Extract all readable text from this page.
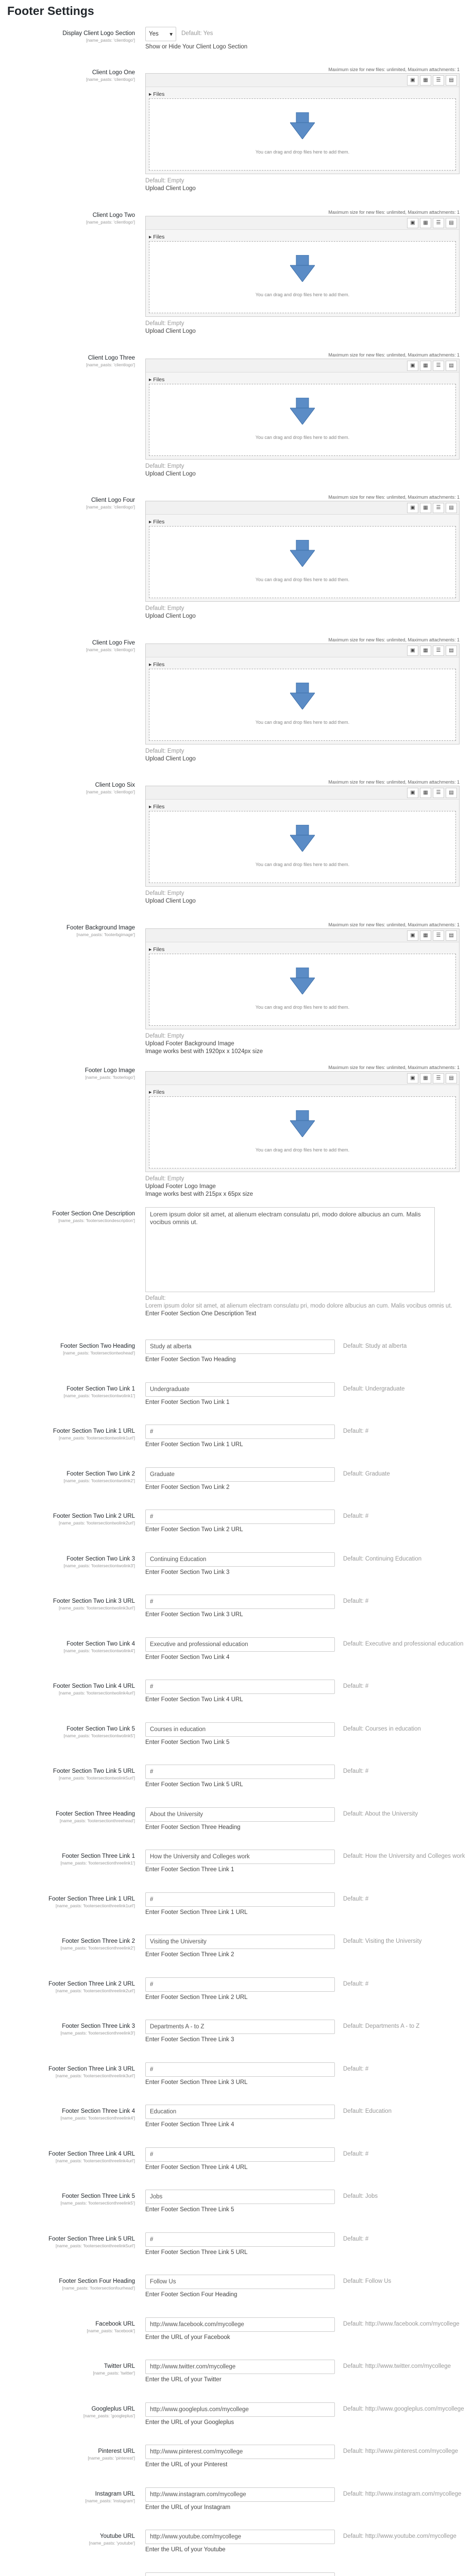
Footer Settings
Display Client Logo Section
[name_pasts: 'clientlogo']
Yes ▾ Default: Yes
Show or Hide Your Client Logo Section
Client Logo One
[name_pasts: 'clientlogo']
Maximum size for new files: unlimited, Maximum attachments: 1
▣	▦	☰	▤
▸ Files
You can drag and drop files here to add them.
Default: Empty
Upload Client Logo
Client Logo Two
[name_pasts: 'clientlogo']
Maximum size for new files: unlimited, Maximum attachments: 1
▣	▦	☰	▤
▸ Files
You can drag and drop files here to add them.
Default: Empty
Upload Client Logo
Client Logo Three
[name_pasts: 'clientlogo']
Maximum size for new files: unlimited, Maximum attachments: 1
▣	▦	☰	▤
▸ Files
You can drag and drop files here to add them.
Default: Empty
Upload Client Logo
Client Logo Four
[name_pasts: 'clientlogo']
Maximum size for new files: unlimited, Maximum attachments: 1
▣	▦	☰	▤
▸ Files
You can drag and drop files here to add them.
Default: Empty
Upload Client Logo
Client Logo Five
[name_pasts: 'clientlogo']
Maximum size for new files: unlimited, Maximum attachments: 1
▣	▦	☰	▤
▸ Files
You can drag and drop files here to add them.
Default: Empty
Upload Client Logo
Client Logo Six
[name_pasts: 'clientlogo']
Maximum size for new files: unlimited, Maximum attachments: 1
▣	▦	☰	▤
▸ Files
You can drag and drop files here to add them.
Default: Empty
Upload Client Logo
Footer Background Image
[name_pasts: 'footerbgimage']
Maximum size for new files: unlimited, Maximum attachments: 1
▣	▦	☰	▤
▸ Files
You can drag and drop files here to add them.
Default: Empty
Upload Footer Background Image
Image works best with 1920px x 1024px size
Footer Logo Image
[name_pasts: 'footerlogo']
Maximum size for new files: unlimited, Maximum attachments: 1
▣	▦	☰	▤
▸ Files
You can drag and drop files here to add them.
Default: Empty
Upload Footer Logo Image
Image works best with 215px x 65px size
Footer Section One Description
[name_pasts: 'footersectiondescription']
Lorem ipsum dolor sit amet, at alienum electram consulatu pri, modo dolore albucius an cum. Malis vocibus omnis ut.
Default:
Lorem ipsum dolor sit amet, at alienum electram consulatu pri, modo dolore albucius an cum. Malis vocibus omnis ut.
Enter Footer Section One Description Text
Footer Section Two Heading
[name_pasts: 'footersectiontwohead']
Study at alberta	Default: Study at alberta
Enter Footer Section Two Heading
Footer Section Two Link 1
[name_pasts: 'footersectiontwolink1']
Undergraduate	Default: Undergraduate
Enter Footer Section Two Link 1
Footer Section Two Link 1 URL
[name_pasts: 'footersectiontwolink1url']
#	Default: #
Enter Footer Section Two Link 1 URL
Footer Section Two Link 2
[name_pasts: 'footersectiontwolink2']
Graduate	Default: Graduate
Enter Footer Section Two Link 2
Footer Section Two Link 2 URL
[name_pasts: 'footersectiontwolink2url']
#	Default: #
Enter Footer Section Two Link 2 URL
Footer Section Two Link 3
[name_pasts: 'footersectiontwolink3']
Continuing Education	Default: Continuing Education
Enter Footer Section Two Link 3
Footer Section Two Link 3 URL
[name_pasts: 'footersectiontwolink3url']
#	Default: #
Enter Footer Section Two Link 3 URL
Footer Section Two Link 4
[name_pasts: 'footersectiontwolink4']
Executive and professional education	Default: Executive and professional education
Enter Footer Section Two Link 4
Footer Section Two Link 4 URL
[name_pasts: 'footersectiontwolink4url']
#	Default: #
Enter Footer Section Two Link 4 URL
Footer Section Two Link 5
[name_pasts: 'footersectiontwolink5']
Courses in education	Default: Courses in education
Enter Footer Section Two Link 5
Footer Section Two Link 5 URL
[name_pasts: 'footersectiontwolink5url']
#	Default: #
Enter Footer Section Two Link 5 URL
Footer Section Three Heading
[name_pasts: 'footersectionthreehead']
About the University	Default: About the University
Enter Footer Section Three Heading
Footer Section Three Link 1
[name_pasts: 'footersectionthreelink1']
How the University and Colleges work	Default: How the University and Colleges work
Enter Footer Section Three Link 1
Footer Section Three Link 1 URL
[name_pasts: 'footersectionthreelink1url']
#	Default: #
Enter Footer Section Three Link 1 URL
Footer Section Three Link 2
[name_pasts: 'footersectionthreelink2']
Visiting the University	Default: Visiting the University
Enter Footer Section Three Link 2
Footer Section Three Link 2 URL
[name_pasts: 'footersectionthreelink2url']
#	Default: #
Enter Footer Section Three Link 2 URL
Footer Section Three Link 3
[name_pasts: 'footersectionthreelink3']
Departments A - to Z	Default: Departments A - to Z
Enter Footer Section Three Link 3
Footer Section Three Link 3 URL
[name_pasts: 'footersectionthreelink3url']
#	Default: #
Enter Footer Section Three Link 3 URL
Footer Section Three Link 4
[name_pasts: 'footersectionthreelink4']
Education	Default: Education
Enter Footer Section Three Link 4
Footer Section Three Link 4 URL
[name_pasts: 'footersectionthreelink4url']
#	Default: #
Enter Footer Section Three Link 4 URL
Footer Section Three Link 5
[name_pasts: 'footersectionthreelink5']
Jobs	Default: Jobs
Enter Footer Section Three Link 5
Footer Section Three Link 5 URL
[name_pasts: 'footersectionthreelink5url']
#	Default: #
Enter Footer Section Three Link 5 URL
Footer Section Four Heading
[name_pasts: 'footersectionfourhead']
Follow Us	Default: Follow Us
Enter Footer Section Four Heading
Facebook URL
[name_pasts: 'facebook']
http://www.facebook.com/mycollege	Default: http://www.facebook.com/mycollege
Enter the URL of your Facebook
Twitter URL
[name_pasts: 'twitter']
http://www.twitter.com/mycollege	Default: http://www.twitter.com/mycollege
Enter the URL of your Twitter
Googleplus URL
[name_pasts: 'googleplus']
http://www.googleplus.com/mycollege	Default: http://www.googleplus.com/mycollege
Enter the URL of your Googleplus
Pinterest URL
[name_pasts: 'pinterest']
http://www.pinterest.com/mycollege	Default: http://www.pinterest.com/mycollege
Enter the URL of your Pinterest
Instagram URL
[name_pasts: 'instagram']
http://www.instagram.com/mycollege	Default: http://www.instagram.com/mycollege
Enter the URL of your Instagram
Youtube URL
[name_pasts: 'youtube']
http://www.youtube.com/mycollege	Default: http://www.youtube.com/mycollege
Enter the URL of your Youtube
